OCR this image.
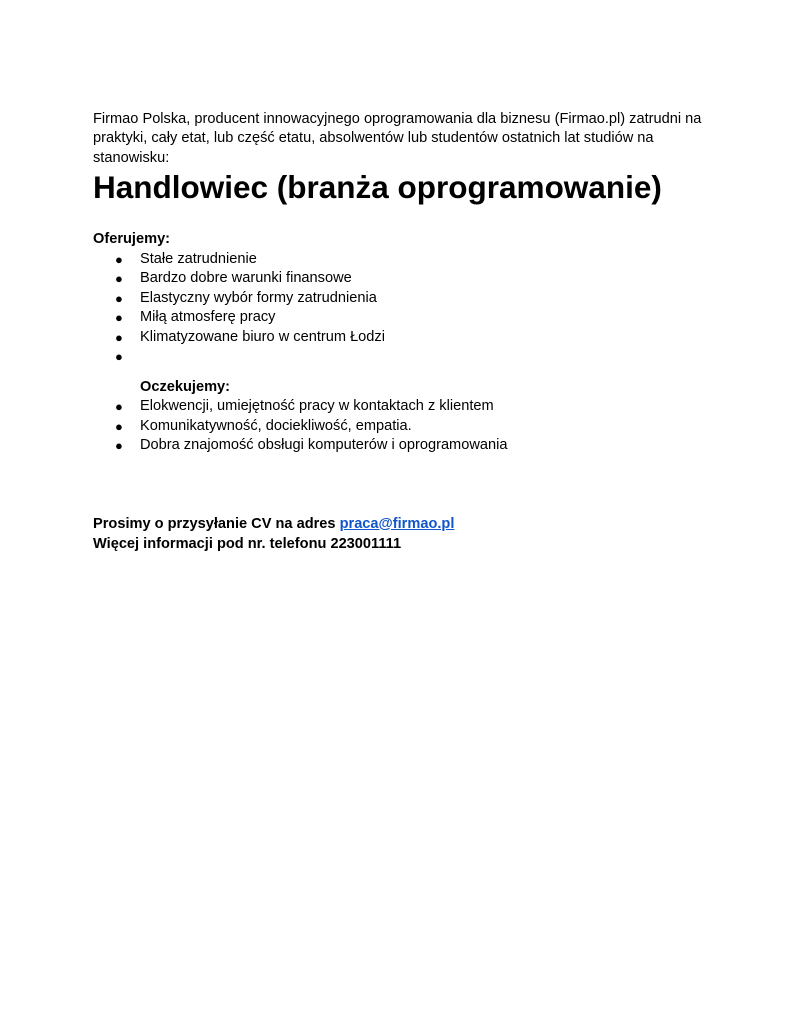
Firmao Polska, producent innowacyjnego oprogramowania dla biznesu (Firmao.pl) zatrudni na praktyki, cały etat, lub część etatu, absolwentów lub studentów ostatnich lat studiów na stanowisku:

Handlowiec (branża oprogramowanie)

Oferujemy:

● Stałe zatrudnienie
● Bardzo dobre warunki finansowe
● Elastyczny wybór formy zatrudnienia
● Miłą atmosferę pracy
● Klimatyzowane biuro w centrum Łodzi
●

Oczekujemy:

● Elokwencji, umiejętność pracy w kontaktach z klientem
● Komunikatywność, dociekliwość, empatia.
● Dobra znajomość obsługi komputerów i oprogramowania

Prosimy o przysyłanie CV na adres praca@firmao.pl

Więcej informacji pod nr. telefonu 223001111
